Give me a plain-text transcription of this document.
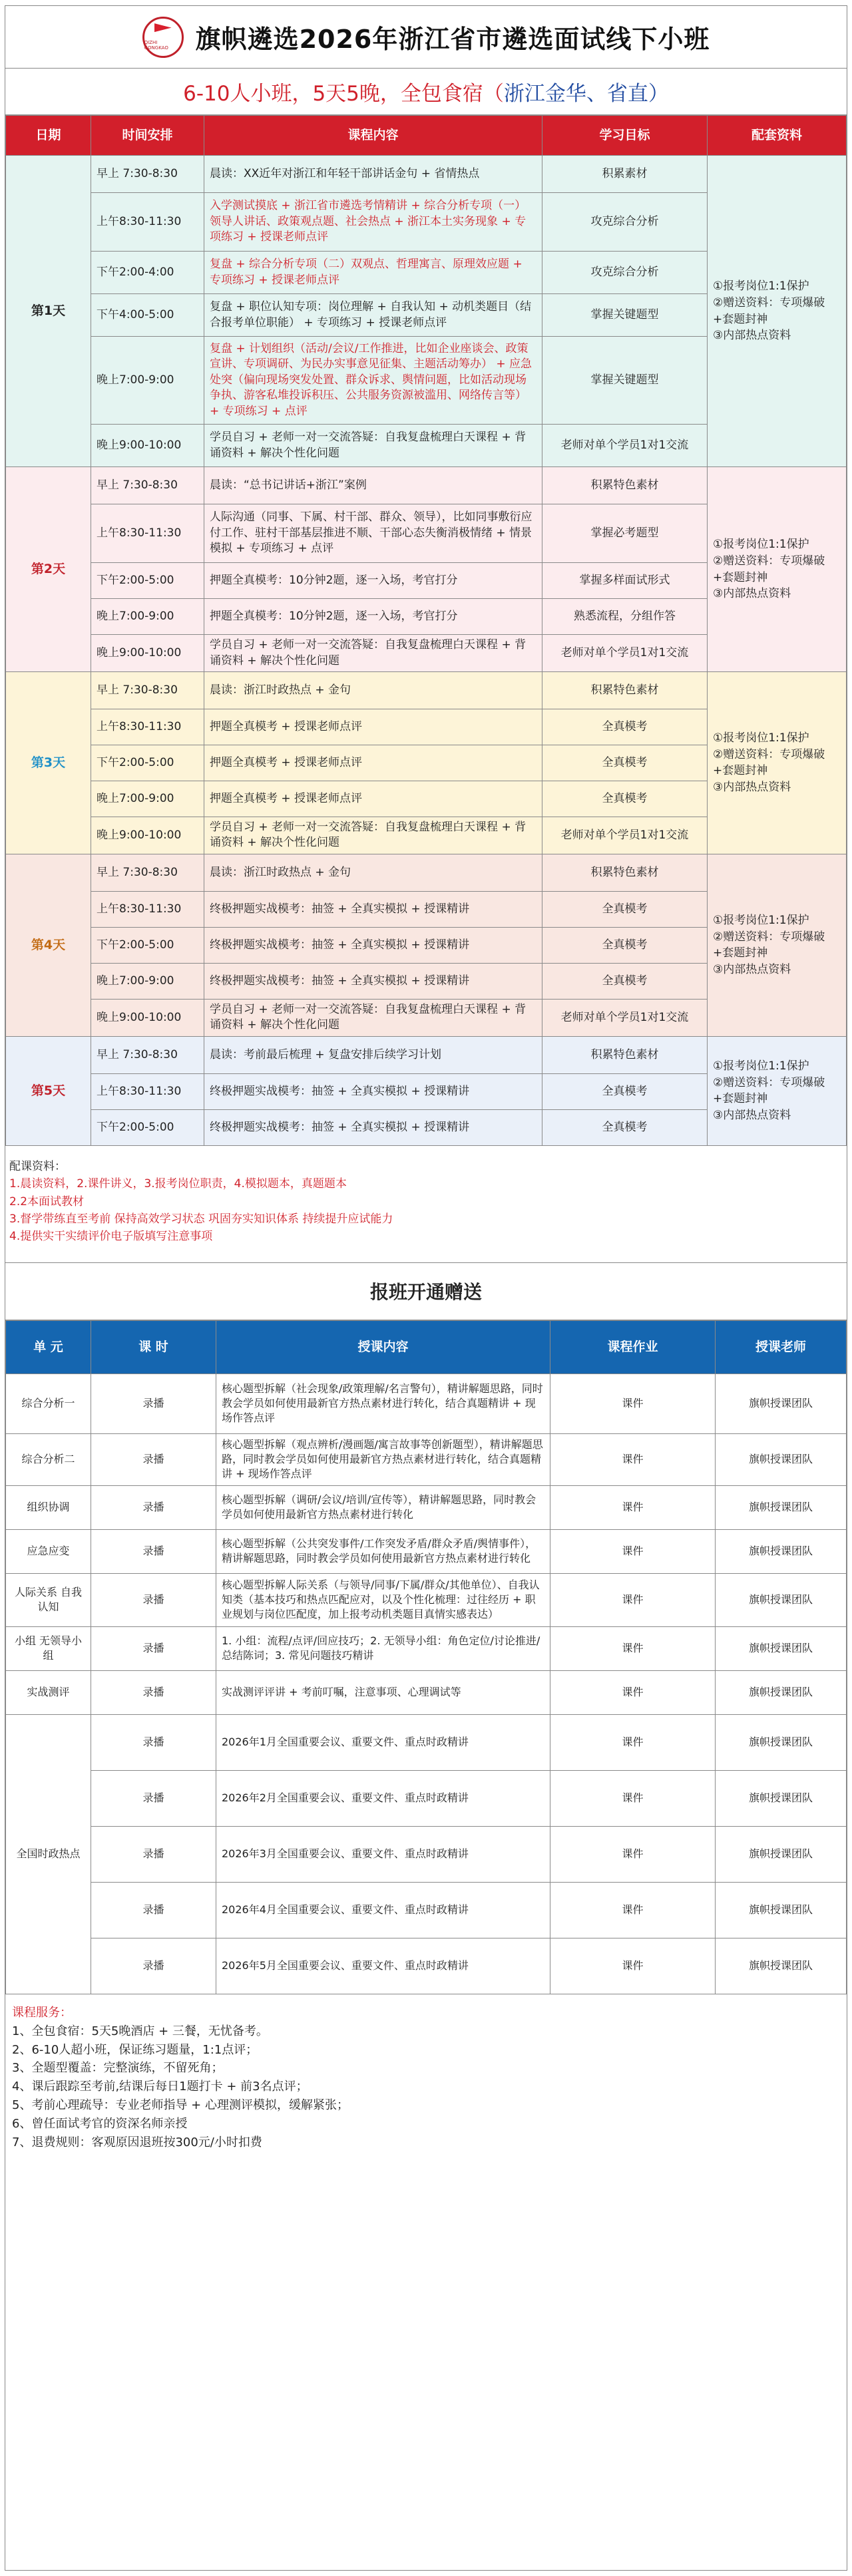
QIZHI GONGKAO	旗帜遴选2026年浙江省市遴选面试线下小班
6-10人小班，5天5晚，全包食宿（ 浙江金华、省直 ）
日期	时间安排	课程内容	学习目标	配套资料
第1天	早上 7:30-8:30	晨读：XX近年对浙江和年轻干部讲话金句 + 省情热点	积累素材	①报考岗位1:1保护
②赠送资料：专项爆破+套题封神
③内部热点资料

	上午8:30-11:30	入学测试摸底 + 浙江省市遴选考情精讲 + 综合分析专项（一）领导人讲话、政策观点题、社会热点 + 浙江本土实务现象 + 专项练习 + 授课老师点评	攻克综合分析	
	下午2:00-4:00	复盘 + 综合分析专项（二）双观点、哲理寓言、原理效应题 + 专项练习 + 授课老师点评	攻克综合分析	
	下午4:00-5:00	复盘 + 职位认知专项：岗位理解 + 自我认知 + 动机类题目（结合报考单位职能） + 专项练习 + 授课老师点评	掌握关键题型	
	晚上7:00-9:00	复盘 + 计划组织（活动/会议/工作推进，比如企业座谈会、政策宣讲、专项调研、为民办实事意见征集、主题活动筹办） + 应急处突（偏向现场突发处置、群众诉求、舆情问题，比如活动现场争执、游客私堆投诉积压、公共服务资源被滥用、网络传言等） + 专项练习 + 点评	掌握关键题型	
	晚上9:00-10:00	学员自习 + 老师一对一交流答疑：自我复盘梳理白天课程 + 背诵资料 + 解决个性化问题	老师对单个学员1对1交流	
第2天	早上 7:30-8:30	晨读：“总书记讲话+浙江”案例	积累特色素材	①报考岗位1:1保护
②赠送资料：专项爆破+套题封神
③内部热点资料

	上午8:30-11:30	人际沟通（同事、下属、村干部、群众、领导），比如同事敷衍应付工作、驻村干部基层推进不顺、干部心态失衡消极情绪 + 情景模拟 + 专项练习 + 点评	掌握必考题型	
	下午2:00-5:00	押题全真模考：10分钟2题，逐一入场，考官打分	掌握多样面试形式	
	晚上7:00-9:00	押题全真模考：10分钟2题，逐一入场，考官打分	熟悉流程，分组作答	
	晚上9:00-10:00	学员自习 + 老师一对一交流答疑：自我复盘梳理白天课程 + 背诵资料 + 解决个性化问题	老师对单个学员1对1交流	
第3天	早上 7:30-8:30	晨读：浙江时政热点 + 金句	积累特色素材	①报考岗位1:1保护
②赠送资料：专项爆破+套题封神
③内部热点资料

	上午8:30-11:30	押题全真模考 + 授课老师点评	全真模考	
	下午2:00-5:00	押题全真模考 + 授课老师点评	全真模考	
	晚上7:00-9:00	押题全真模考 + 授课老师点评	全真模考	
	晚上9:00-10:00	学员自习 + 老师一对一交流答疑：自我复盘梳理白天课程 + 背诵资料 + 解决个性化问题	老师对单个学员1对1交流	
第4天	早上 7:30-8:30	晨读：浙江时政热点 + 金句	积累特色素材	①报考岗位1:1保护
②赠送资料：专项爆破+套题封神
③内部热点资料

	上午8:30-11:30	终极押题实战模考：抽签 + 全真实模拟 + 授课精讲	全真模考	
	下午2:00-5:00	终极押题实战模考：抽签 + 全真实模拟 + 授课精讲	全真模考	
	晚上7:00-9:00	终极押题实战模考：抽签 + 全真实模拟 + 授课精讲	全真模考	
	晚上9:00-10:00	学员自习 + 老师一对一交流答疑：自我复盘梳理白天课程 + 背诵资料 + 解决个性化问题	老师对单个学员1对1交流	
第5天	早上 7:30-8:30	晨读：考前最后梳理 + 复盘安排后续学习计划	积累特色素材	①报考岗位1:1保护
②赠送资料：专项爆破+套题封神
③内部热点资料

	上午8:30-11:30	终极押题实战模考：抽签 + 全真实模拟 + 授课精讲	全真模考	
	下午2:00-5:00	终极押题实战模考：抽签 + 全真实模拟 + 授课精讲	全真模考	
配课资料：
1.晨读资料，2.课件讲义，3.报考岗位职责，4.模拟题本，真题题本
2.2本面试教材
3.督学带练直至考前 保持高效学习状态 巩固夯实知识体系 持续提升应试能力
4.提供实干实绩评价电子版填写注意事项
报班开通赠送
单 元	课 时	授课内容	课程作业	授课老师
综合分析一	录播	核心题型拆解（社会现象/政策理解/名言警句），精讲解题思路，同时教会学员如何使用最新官方热点素材进行转化，结合真题精讲 + 现场作答点评	课件	旗帜授课团队
综合分析二	录播	核心题型拆解（观点辨析/漫画题/寓言故事等创新题型），精讲解题思路，同时教会学员如何使用最新官方热点素材进行转化，结合真题精讲 + 现场作答点评	课件	旗帜授课团队
组织协调	录播	核心题型拆解（调研/会议/培训/宣传等），精讲解题思路，同时教会学员如何使用最新官方热点素材进行转化	课件	旗帜授课团队
应急应变	录播	核心题型拆解（公共突发事件/工作突发矛盾/群众矛盾/舆情事件），精讲解题思路，同时教会学员如何使用最新官方热点素材进行转化	课件	旗帜授课团队
人际关系 自我认知	录播	核心题型拆解人际关系（与领导/同事/下属/群众/其他单位）、自我认知类（基本技巧和热点匹配应对，以及个性化梳理：过往经历 + 职业规划与岗位匹配度，加上报考动机类题目真情实感表达）	课件	旗帜授课团队
小组 无领导小组	录播	1. 小组：流程/点评/回应技巧；2. 无领导小组：角色定位/讨论推进/总结陈词；3. 常见问题技巧精讲	课件	旗帜授课团队
实战测评	录播	实战测评评讲 + 考前叮嘱，注意事项、心理调试等	课件	旗帜授课团队
全国时政热点	录播	2026年1月全国重要会议、重要文件、重点时政精讲	课件	旗帜授课团队
	录播	2026年2月全国重要会议、重要文件、重点时政精讲	课件	旗帜授课团队
	录播	2026年3月全国重要会议、重要文件、重点时政精讲	课件	旗帜授课团队
	录播	2026年4月全国重要会议、重要文件、重点时政精讲	课件	旗帜授课团队
	录播	2026年5月全国重要会议、重要文件、重点时政精讲	课件	旗帜授课团队
课程服务：
1、全包食宿：5天5晚酒店 + 三餐，无忧备考。
2、6-10人超小班，保证练习题量，1:1点评；
3、全题型覆盖：完整演练，不留死角；
4、课后跟踪至考前,结课后每日1题打卡 + 前3名点评；
5、考前心理疏导：专业老师指导 + 心理测评模拟，缓解紧张；
6、曾任面试考官的资深名师亲授
7、退费规则：客观原因退班按300元/小时扣费
